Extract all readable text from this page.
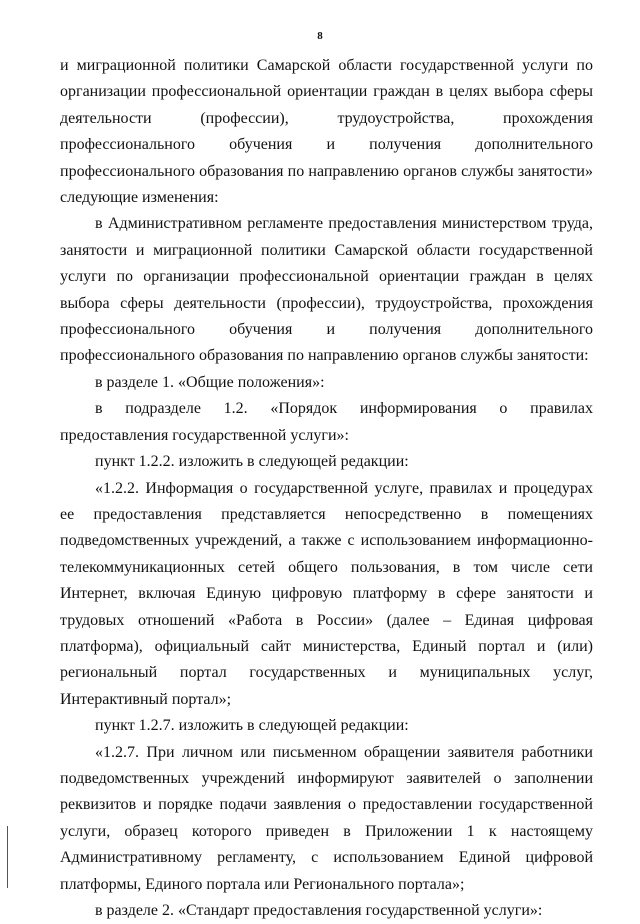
8

и миграционной политики Самарской области государственной услуги по организации профессиональной ориентации граждан в целях выбора сферы деятельности (профессии), трудоустройства, прохождения профессионального обучения и получения дополнительного профессионального образования по направлению органов службы занятости» следующие изменения:

в Административном регламенте предоставления министерством труда, занятости и миграционной политики Самарской области государственной услуги по организации профессиональной ориентации граждан в целях выбора сферы деятельности (профессии), трудоустройства, прохождения профессионального обучения и получения дополнительного профессионального образования по направлению органов службы занятости:

в разделе 1. «Общие положения»:

в подразделе 1.2. «Порядок информирования о правилах предоставления государственной услуги»:

пункт 1.2.2. изложить в следующей редакции:

«1.2.2. Информация о государственной услуге, правилах и процедурах ее предоставления представляется непосредственно в помещениях подведомственных учреждений, а также с использованием информационно-телекоммуникационных сетей общего пользования, в том числе сети Интернет, включая Единую цифровую платформу в сфере занятости и трудовых отношений «Работа в России» (далее – Единая цифровая платформа), официальный сайт министерства, Единый портал и (или) региональный портал государственных и муниципальных услуг, Интерактивный портал»;

пункт 1.2.7. изложить в следующей редакции:

«1.2.7. При личном или письменном обращении заявителя работники подведомственных учреждений информируют заявителей о заполнении реквизитов и порядке подачи заявления о предоставлении государственной услуги, образец которого приведен в Приложении 1 к настоящему Административному регламенту, с использованием Единой цифровой платформы, Единого портала или Регионального портала»;

в разделе 2. «Стандарт предоставления государственной услуги»:
